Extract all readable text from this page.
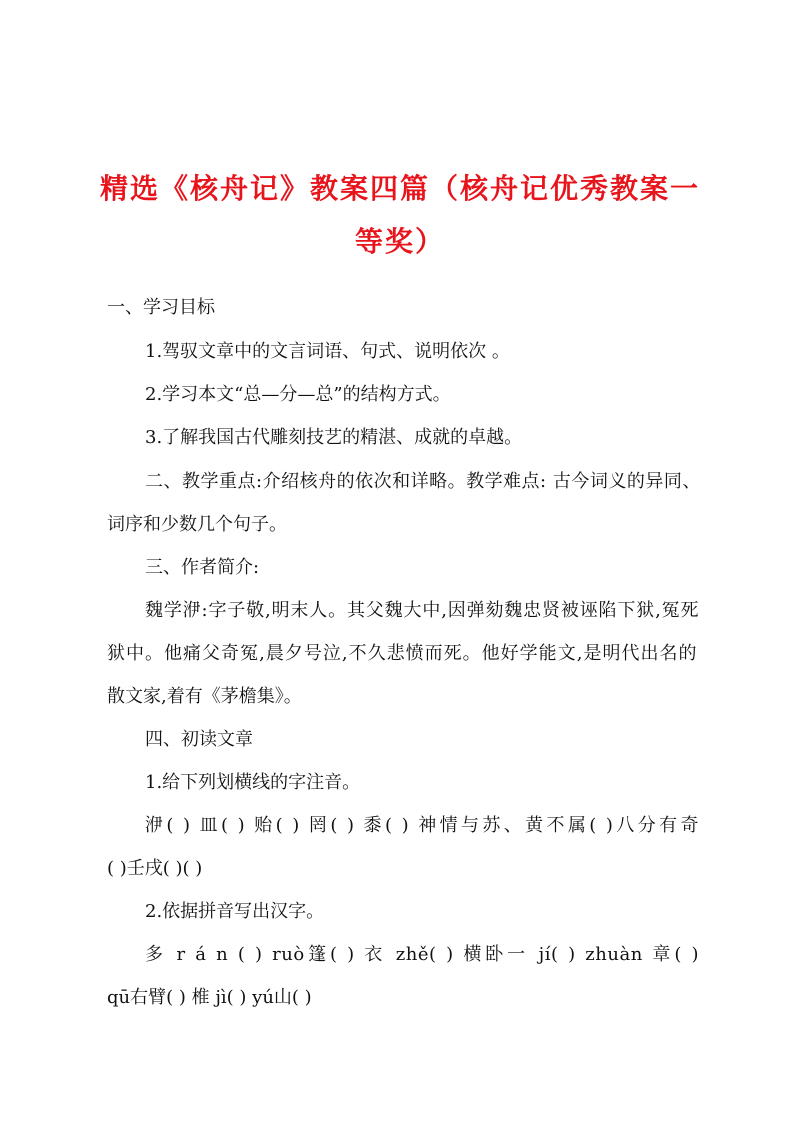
精选《核舟记》教案四篇（核舟记优秀教案一
等奖）
一、学习目标
1.驾驭文章中的文言词语、句式、说明依次 。
2.学习本文“总—分—总”的结构方式。
3.了解我国古代雕刻技艺的精湛、成就的卓越。
二、教学重点:介绍核舟的依次和详略。教学难点: 古今词义的异同、
词序和少数几个句子。
三、作者简介:
魏学洢:字子敬,明末人。其父魏大中,因弹劾魏忠贤被诬陷下狱,冤死
狱中。他痛父奇冤,晨夕号泣,不久悲愤而死。他好学能文,是明代出名的
散文家,着有《茅檐集》。
四、初读文章
1.给下列划横线的字注音。
洢( ) 皿( ) 贻( ) 罔( ) 黍( ) 神情与苏、黄不属( )八分有奇
( )壬戌( )( )
2.依据拼音写出汉字。
多 r á n ( ) ruò篷( ) 衣 zhě( ) 横卧一 jí( ) zhuàn 章( )
qū右臂( ) 椎 jì( ) yú山( )
